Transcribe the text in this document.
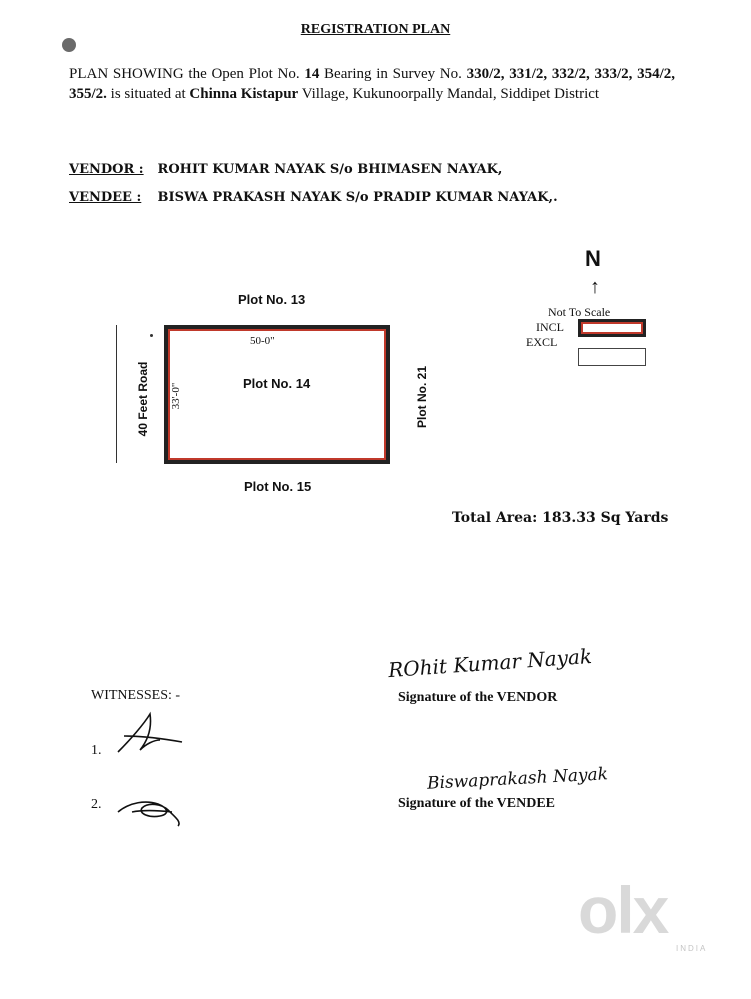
REGISTRATION PLAN
PLAN SHOWING the Open Plot No. 14 Bearing in Survey No. 330/2, 331/2, 332/2, 333/2, 354/2, 355/2. is situated at Chinna Kistapur Village, Kukunoorpally Mandal, Siddipet District
VENDOR : ROHIT KUMAR NAYAK S/o BHIMASEN NAYAK,
VENDEE : BISWA PRAKASH NAYAK S/o PRADIP KUMAR NAYAK,.
N
↑
Not To Scale
INCL
EXCL
Plot No. 13
40 Feet Road
50-0"
33'-0"	Plot No. 14	Plot No. 21
Plot No. 15
Total Area: 183.33 Sq Yards
ROhit Kumar Nayak
Signature of the VENDOR
WITNESSES: -
1.
2.
Biswaprakash Nayak
Signature of the VENDEE
olx
INDIA
